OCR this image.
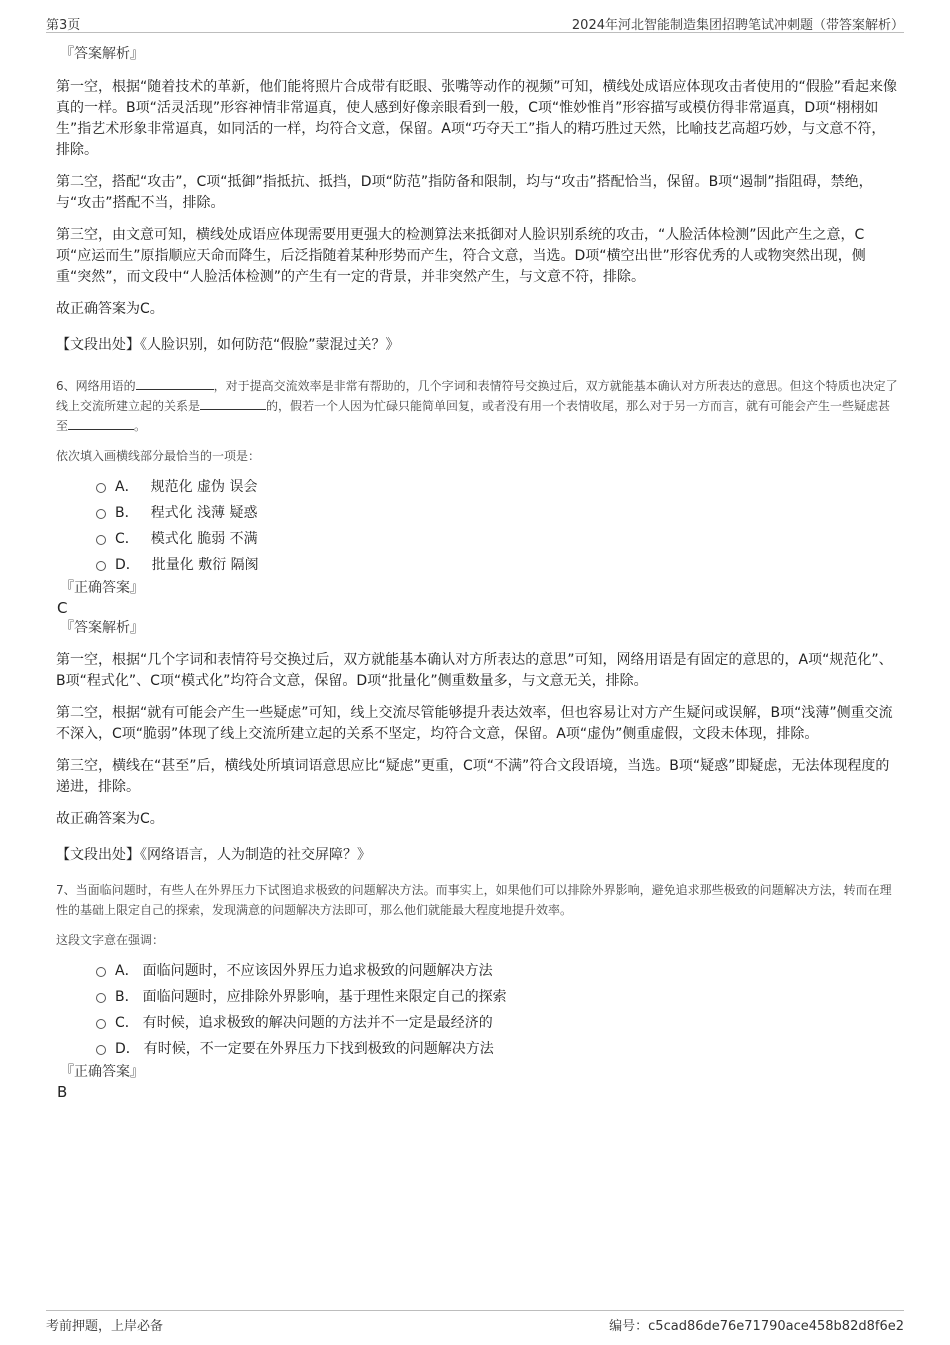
第3页	2024年河北智能制造集团招聘笔试冲刺题（带答案解析）
『答案解析』

第一空，根据“随着技术的革新，他们能将照片合成带有眨眼、张嘴等动作的视频”可知，横线处成语应体现攻击者使用的“假脸”看起来像真的一样。B项“活灵活现”形容神情非常逼真，使人感到好像亲眼看到一般，C项“惟妙惟肖”形容描写或模仿得非常逼真，D项“栩栩如生”指艺术形象非常逼真，如同活的一样，均符合文意，保留。A项“巧夺天工”指人的精巧胜过天然，比喻技艺高超巧妙，与文意不符，排除。

第二空，搭配“攻击”，C项“抵御”指抵抗、抵挡，D项“防范”指防备和限制，均与“攻击”搭配恰当，保留。B项“遏制”指阻碍，禁绝，与“攻击”搭配不当，排除。

第三空，由文意可知，横线处成语应体现需要用更强大的检测算法来抵御对人脸识别系统的攻击，“人脸活体检测”因此产生之意，C项“应运而生”原指顺应天命而降生，后泛指随着某种形势而产生，符合文意，当选。D项“横空出世”形容优秀的人或物突然出现，侧重“突然”，而文段中“人脸活体检测”的产生有一定的背景，并非突然产生，与文意不符，排除。

故正确答案为C。

【文段出处】《人脸识别，如何防范“假脸”蒙混过关？》
6、网络用语的	，对于提高交流效率是非常有帮助的，几个字词和表情符号交换过后，双方就能基本确认对方所表达的意思。但这个特质也决定了线上交流所建立起的关系是	的，假若一个人因为忙碌只能简单回复，或者没有用一个表情收尾，那么对于另一方而言，就有可能会产生一些疑虑甚至	。
依次填入画横线部分最恰当的一项是：
A． 规范化 虚伪 误会
B． 程式化 浅薄 疑惑
C． 模式化 脆弱 不满
D． 批量化 敷衍 隔阂
『正确答案』
C
『答案解析』

第一空，根据“几个字词和表情符号交换过后，双方就能基本确认对方所表达的意思”可知，网络用语是有固定的意思的，A项“规范化”、B项“程式化”、C项“模式化”均符合文意，保留。D项“批量化”侧重数量多，与文意无关，排除。

第二空，根据“就有可能会产生一些疑虑”可知，线上交流尽管能够提升表达效率，但也容易让对方产生疑问或误解，B项“浅薄”侧重交流不深入，C项“脆弱”体现了线上交流所建立起的关系不坚定，均符合文意，保留。A项“虚伪”侧重虚假，文段未体现，排除。

第三空，横线在“甚至”后，横线处所填词语意思应比“疑虑”更重，C项“不满”符合文段语境，当选。B项“疑惑”即疑虑，无法体现程度的递进，排除。

故正确答案为C。

【文段出处】《网络语言，人为制造的社交屏障？》
7、当面临问题时，有些人在外界压力下试图追求极致的问题解决方法。而事实上，如果他们可以排除外界影响，避免追求那些极致的问题解决方法，转而在理性的基础上限定自己的探索，发现满意的问题解决方法即可，那么他们就能最大程度地提升效率。
这段文字意在强调：
A． 面临问题时，不应该因外界压力追求极致的问题解决方法
B． 面临问题时，应排除外界影响，基于理性来限定自己的探索
C． 有时候，追求极致的解决问题的方法并不一定是最经济的
D． 有时候，不一定要在外界压力下找到极致的问题解决方法
『正确答案』
B
考前押题，上岸必备	编号：c5cad86de76e71790ace458b82d8f6e2
